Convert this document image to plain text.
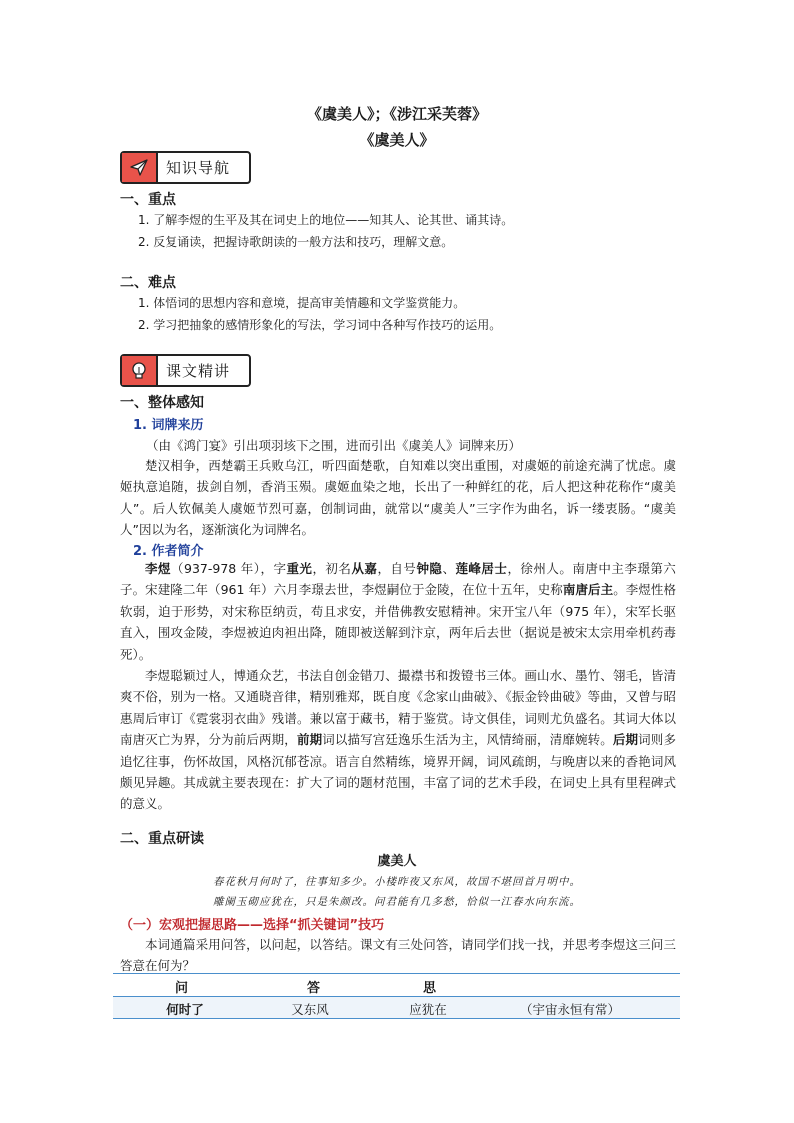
《虞美人》；《涉江采芙蓉》
《虞美人》
知识导航
一、重点
1. 了解李煜的生平及其在词史上的地位——知其人、论其世、诵其诗。
2. 反复诵读，把握诗歌朗读的一般方法和技巧，理解文意。
二、难点
1. 体悟词的思想内容和意境，提高审美情趣和文学鉴赏能力。
2. 学习把抽象的感情形象化的写法，学习词中各种写作技巧的运用。
课文精讲
一、整体感知
1. 词牌来历
（由《鸿门宴》引出项羽垓下之围，进而引出《虞美人》词牌来历）
楚汉相争，西楚霸王兵败乌江，听四面楚歌，自知难以突出重围，对虞姬的前途充满了忧虑。虞姬执意追随，拔剑自刎，香消玉殒。虞姬血染之地，长出了一种鲜红的花，后人把这种花称作“虞美人”。后人钦佩美人虞姬节烈可嘉，创制词曲，就常以“虞美人”三字作为曲名，诉一缕衷肠。“虞美人”因以为名，逐渐演化为词牌名。
2. 作者简介
李煜（937-978 年），字重光，初名从嘉，自号钟隐、莲峰居士，徐州人。南唐中主李璟第六子。宋建隆二年（961 年）六月李璟去世，李煜嗣位于金陵，在位十五年，史称南唐后主。李煜性格软弱，迫于形势，对宋称臣纳贡，苟且求安，并借佛教安慰精神。宋开宝八年（975 年），宋军长驱直入，围攻金陵，李煜被迫肉袒出降，随即被送解到汴京，两年后去世（据说是被宋太宗用牵机药毒死）。
李煜聪颖过人，博通众艺，书法自创金错刀、撮襟书和拨镫书三体。画山水、墨竹、翎毛，皆清爽不俗，别为一格。又通晓音律，精别雅郑，既自度《念家山曲破》、《振金铃曲破》等曲，又曾与昭惠周后审订《霓裳羽衣曲》残谱。兼以富于藏书，精于鉴赏。诗文俱佳，词则尤负盛名。其词大体以南唐灭亡为界，分为前后两期，前期词以描写宫廷逸乐生活为主，风情绮丽，清靡婉转。后期词则多追忆往事，伤怀故国，风格沉郁苍凉。语言自然精练，境界开阔，词风疏朗，与晚唐以来的香艳词风颇见异趣。其成就主要表现在：扩大了词的题材范围，丰富了词的艺术手段，在词史上具有里程碑式的意义。
二、重点研读
虞美人
春花秋月何时了，往事知多少。小楼昨夜又东风，故国不堪回首月明中。
雕阑玉砌应犹在，只是朱颜改。问君能有几多愁，恰似一江春水向东流。
（一）宏观把握思路——选择“抓关键词”技巧
本词通篇采用问答，以问起，以答结。课文有三处问答，请同学们找一找，并思考李煜这三问三答意在何为？
问	答	思
何时了	又东风	应犹在	（宇宙永恒有常）
